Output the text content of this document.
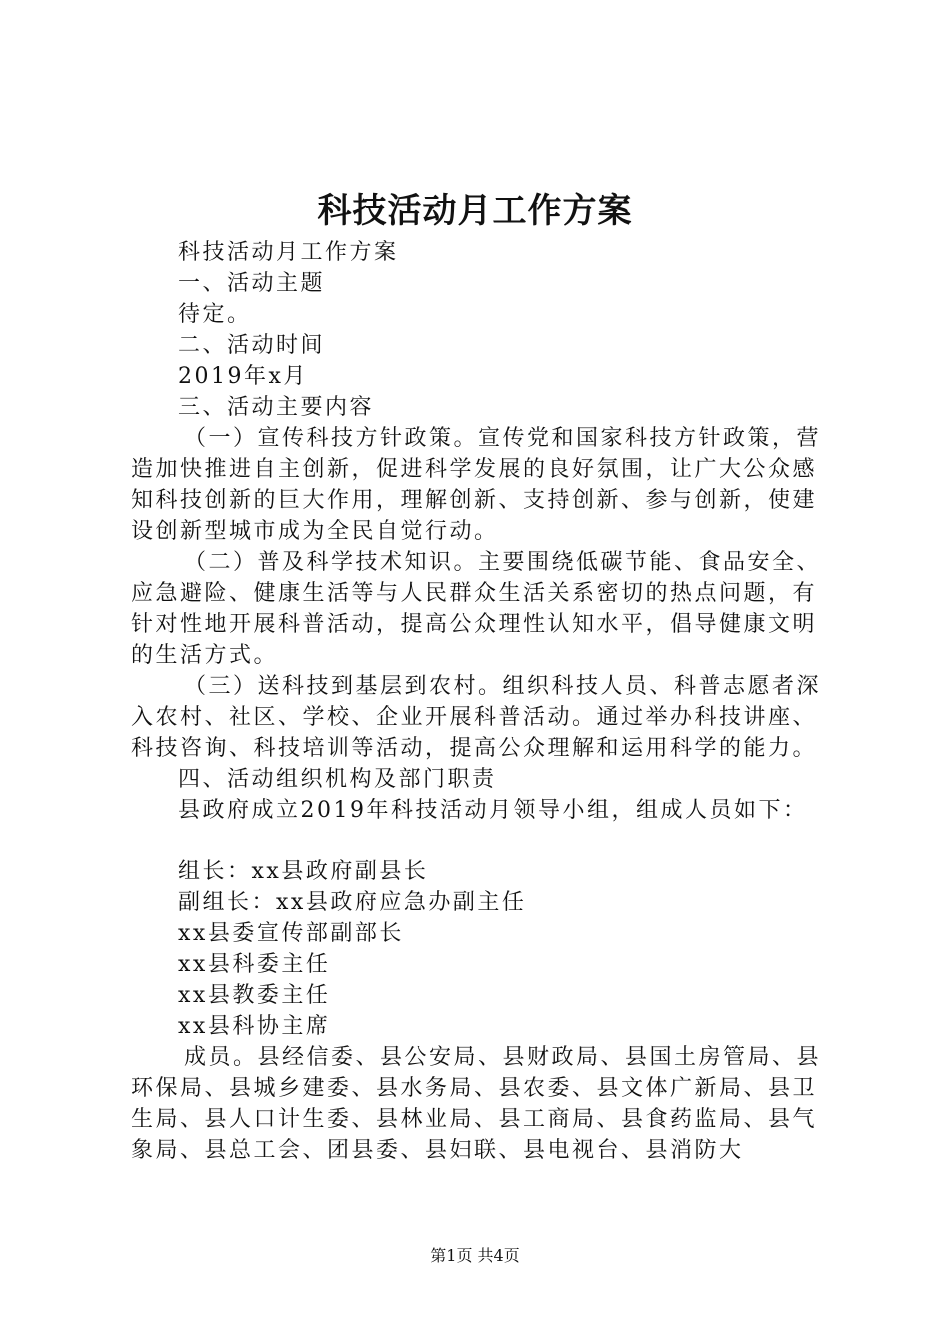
科技活动月工作方案
科技活动月工作方案
一、活动主题
待定。
二、活动时间
2019年x月
三、活动主要内容
（一）宣传科技方针政策。宣传党和国家科技方针政策，营造加快推进自主创新，促进科学发展的良好氛围，让广大公众感知科技创新的巨大作用，理解创新、支持创新、参与创新，使建设创新型城市成为全民自觉行动。
（二）普及科学技术知识。主要围绕低碳节能、食品安全、应急避险、健康生活等与人民群众生活关系密切的热点问题，有针对性地开展科普活动，提高公众理性认知水平，倡导健康文明的生活方式。
（三）送科技到基层到农村。组织科技人员、科普志愿者深入农村、社区、学校、企业开展科普活动。通过举办科技讲座、科技咨询、科技培训等活动，提高公众理解和运用科学的能力。
四、活动组织机构及部门职责
县政府成立2019年科技活动月领导小组，组成人员如下：
组长：xx县政府副县长
副组长：xx县政府应急办副主任
xx县委宣传部副部长
xx县科委主任
xx县教委主任
xx县科协主席
成员。县经信委、县公安局、县财政局、县国土房管局、县环保局、县城乡建委、县水务局、县农委、县文体广新局、县卫生局、县人口计生委、县林业局、县工商局、县食药监局、县气象局、县总工会、团县委、县妇联、县电视台、县消防大
第1页 共4页
